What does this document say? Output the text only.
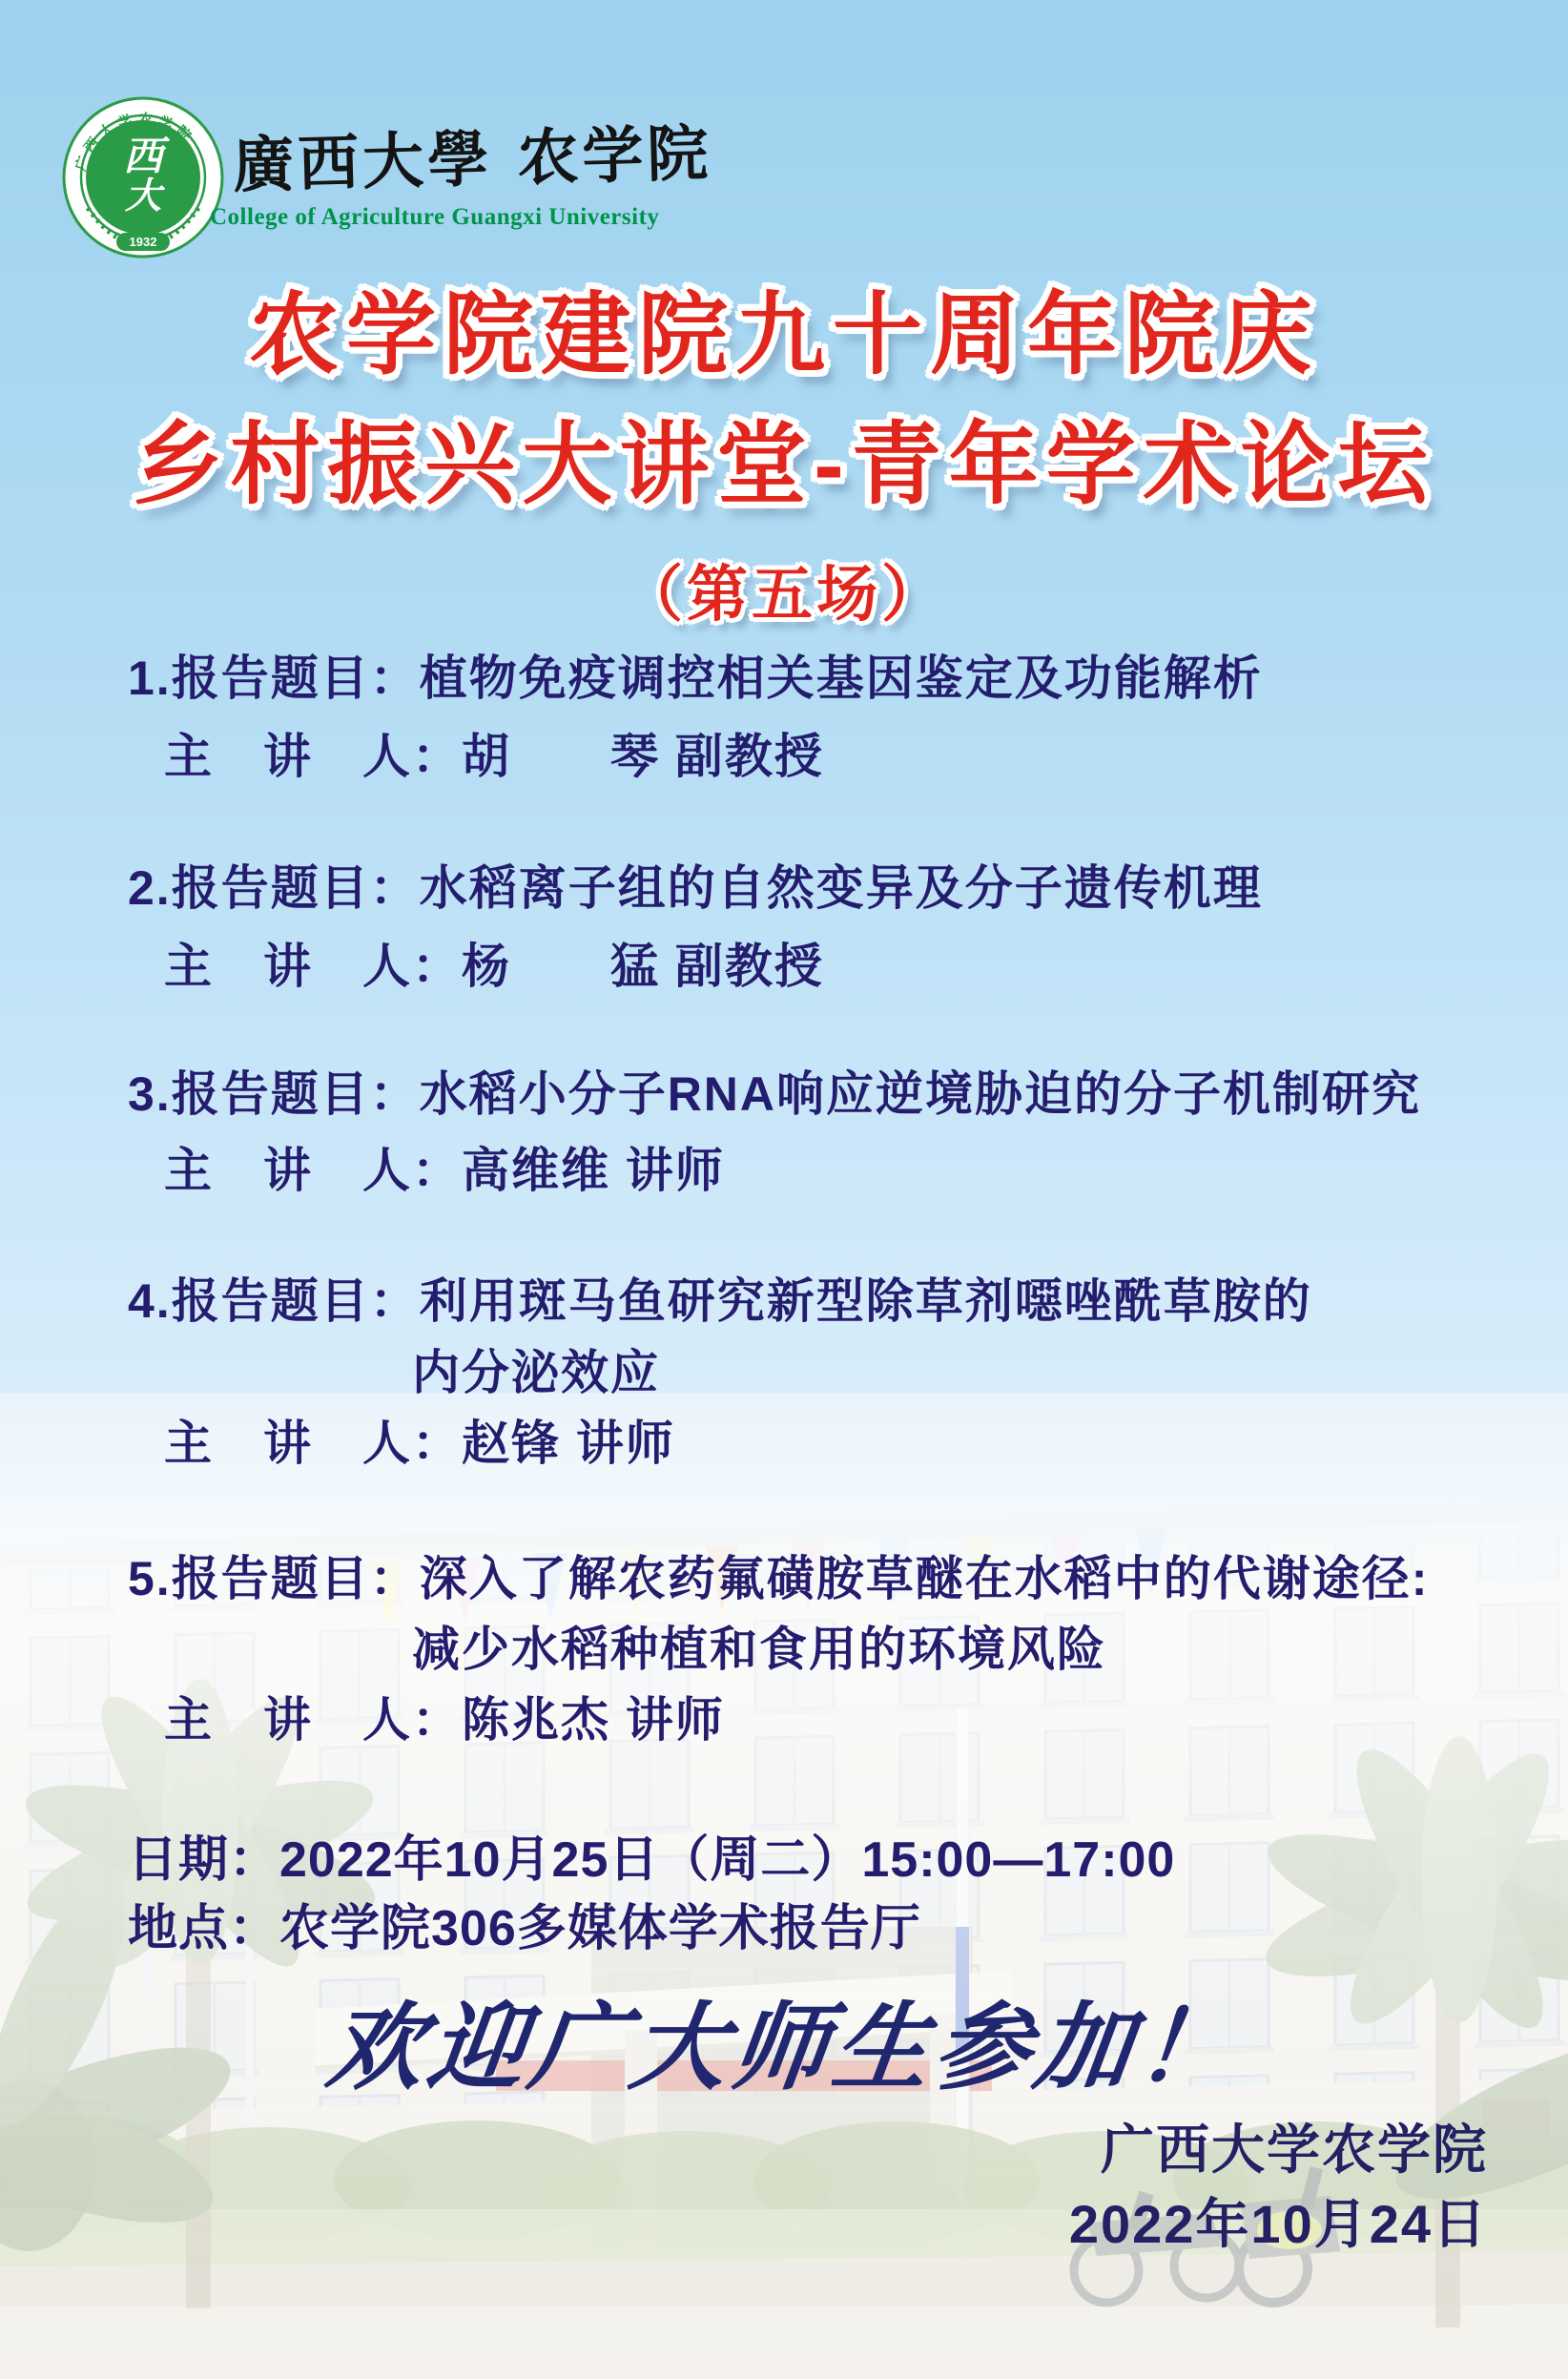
广西大学农学院
西
大
1932
廣西大學 农学院
College of Agriculture Guangxi University
农学院建院九十周年院庆
乡村振兴大讲堂-青年学术论坛
（第五场）
1.报告题目：植物免疫调控相关基因鉴定及功能解析
主　讲　人：胡　　琴 副教授
2.报告题目：水稻离子组的自然变异及分子遗传机理
主　讲　人：杨　　猛 副教授
3.报告题目：水稻小分子RNA响应逆境胁迫的分子机制研究
主　讲　人：高维维 讲师
4.报告题目：利用斑马鱼研究新型除草剂噁唑酰草胺的
内分泌效应
主　讲　人：赵锋 讲师
5.报告题目：深入了解农药氟磺胺草醚在水稻中的代谢途径:
减少水稻种植和食用的环境风险
主　讲　人：陈兆杰 讲师
日期：2022年10月25日（周二）15:00—17:00
地点：农学院306多媒体学术报告厅
欢迎广大师生参加！
广西大学农学院
2022年10月24日
